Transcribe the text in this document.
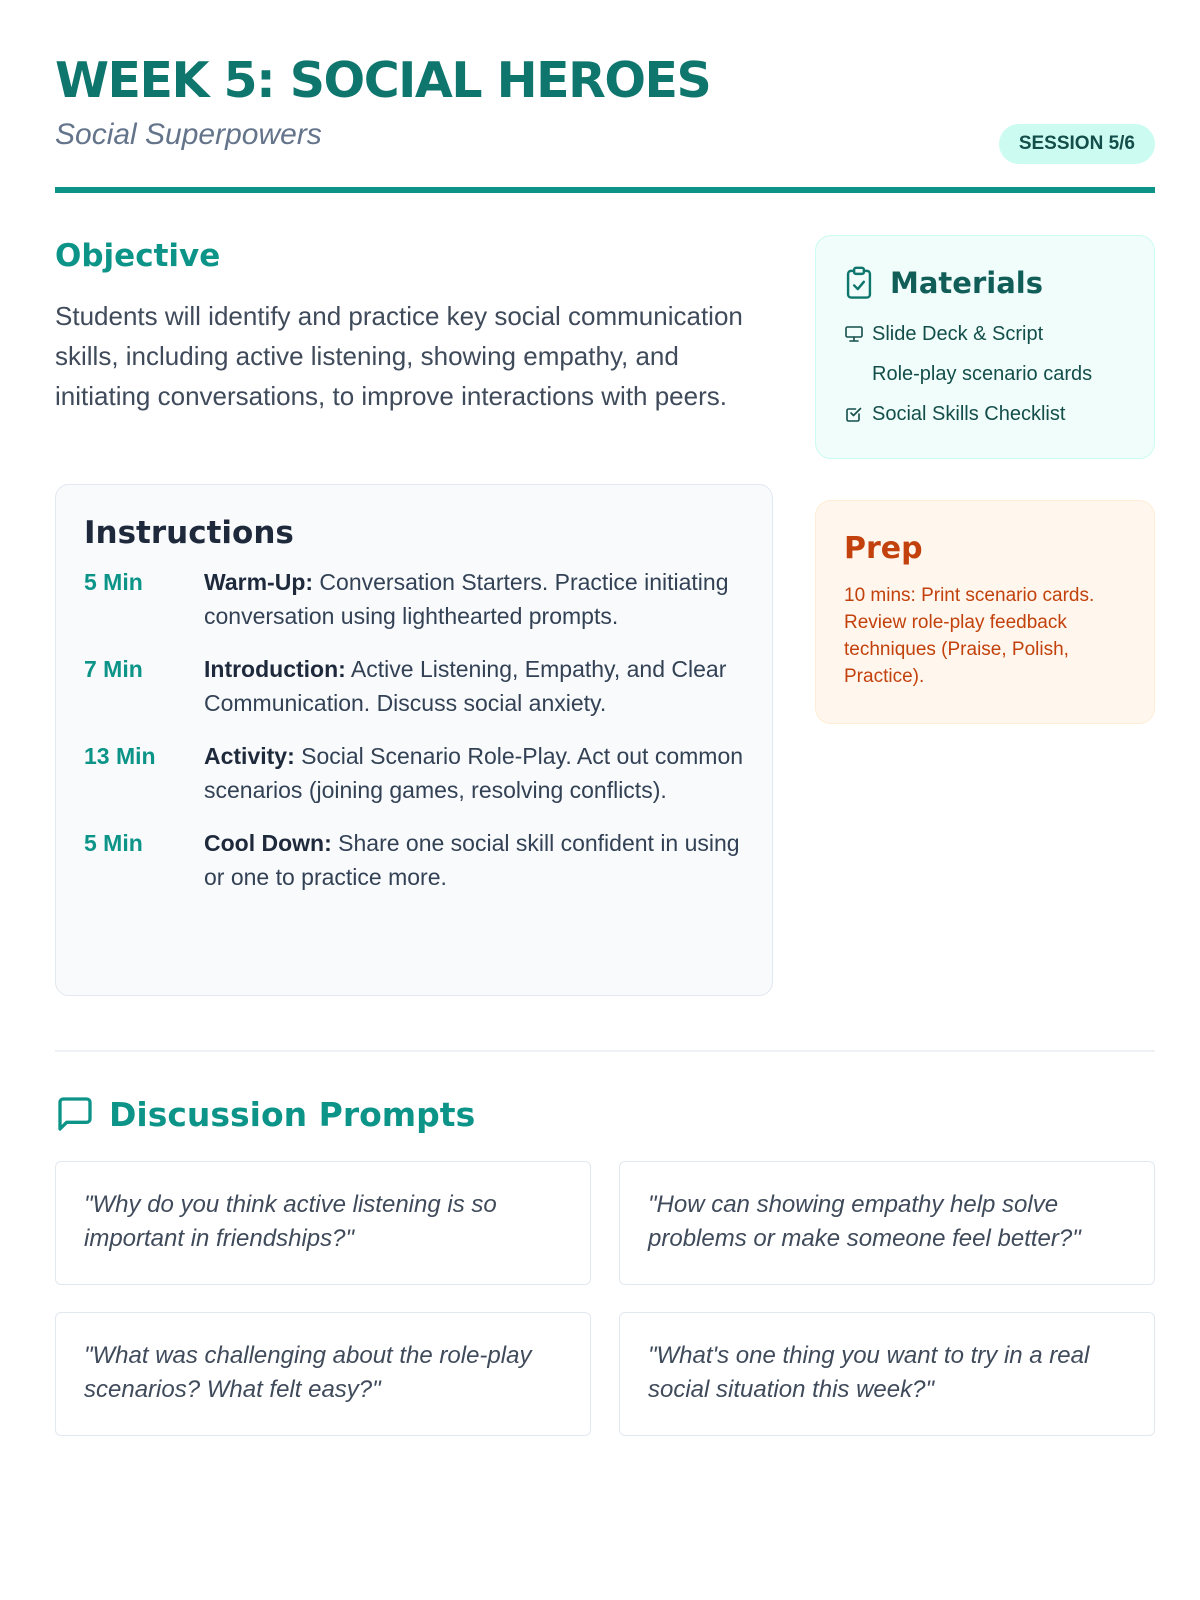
WEEK 5: SOCIAL HEROES
Social Superpowers	SESSION 5/6
Objective

Students will identify and practice key social communication skills, including active listening, showing empathy, and initiating conversations, to improve interactions with peers.

Instructions
5 Min	Warm-Up: Conversation Starters. Practice initiating conversation using lighthearted prompts.
7 Min	Introduction: Active Listening, Empathy, and Clear Communication. Discuss social anxiety.
13 Min	Activity: Social Scenario Role-Play. Act out common scenarios (joining games, resolving conflicts).
5 Min	Cool Down: Share one social skill confident in using or one to practice more.
Materials
Slide Deck & Script
Role-play scenario cards
Social Skills Checklist
Prep

10 mins: Print scenario cards. Review role-play feedback techniques (Praise, Polish, Practice).

Discussion Prompts
"Why do you think active listening is so important in friendships?"
"How can showing empathy help solve problems or make someone feel better?"
"What was challenging about the role-play scenarios? What felt easy?"
"What's one thing you want to try in a real social situation this week?"
